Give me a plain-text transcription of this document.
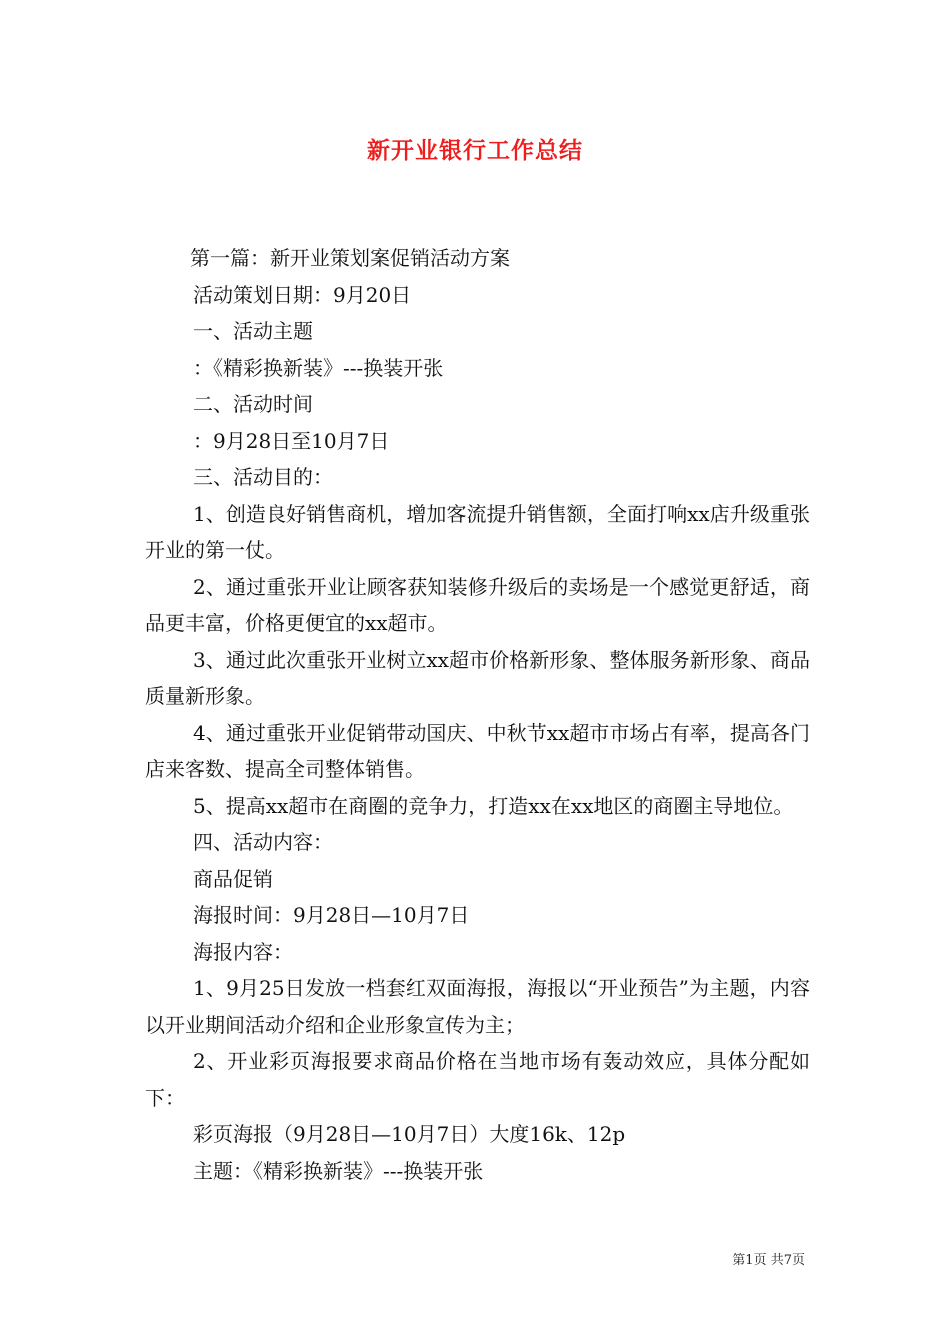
新开业银行工作总结

第一篇：新开业策划案促销活动方案

活动策划日期：9月20日

一、活动主题

：《精彩换新装》---换装开张

二、活动时间

：9月28日至10月7日

三、活动目的：

1、创造良好销售商机，增加客流提升销售额，全面打响xx店升级重张开业的第一仗。

2、通过重张开业让顾客获知装修升级后的卖场是一个感觉更舒适，商品更丰富，价格更便宜的xx超市。

3、通过此次重张开业树立xx超市价格新形象、整体服务新形象、商品质量新形象。

4、通过重张开业促销带动国庆、中秋节xx超市市场占有率，提高各门店来客数、提高全司整体销售。

5、提高xx超市在商圈的竞争力，打造xx在xx地区的商圈主导地位。

四、活动内容：

商品促销

海报时间：9月28日—10月7日

海报内容：

1、9月25日发放一档套红双面海报，海报以“开业预告”为主题，内容以开业期间活动介绍和企业形象宣传为主；

2、开业彩页海报要求商品价格在当地市场有轰动效应，具体分配如下：

彩页海报（9月28日—10月7日）大度16k、12p

主题：《精彩换新装》---换装开张

第1页 共7页
